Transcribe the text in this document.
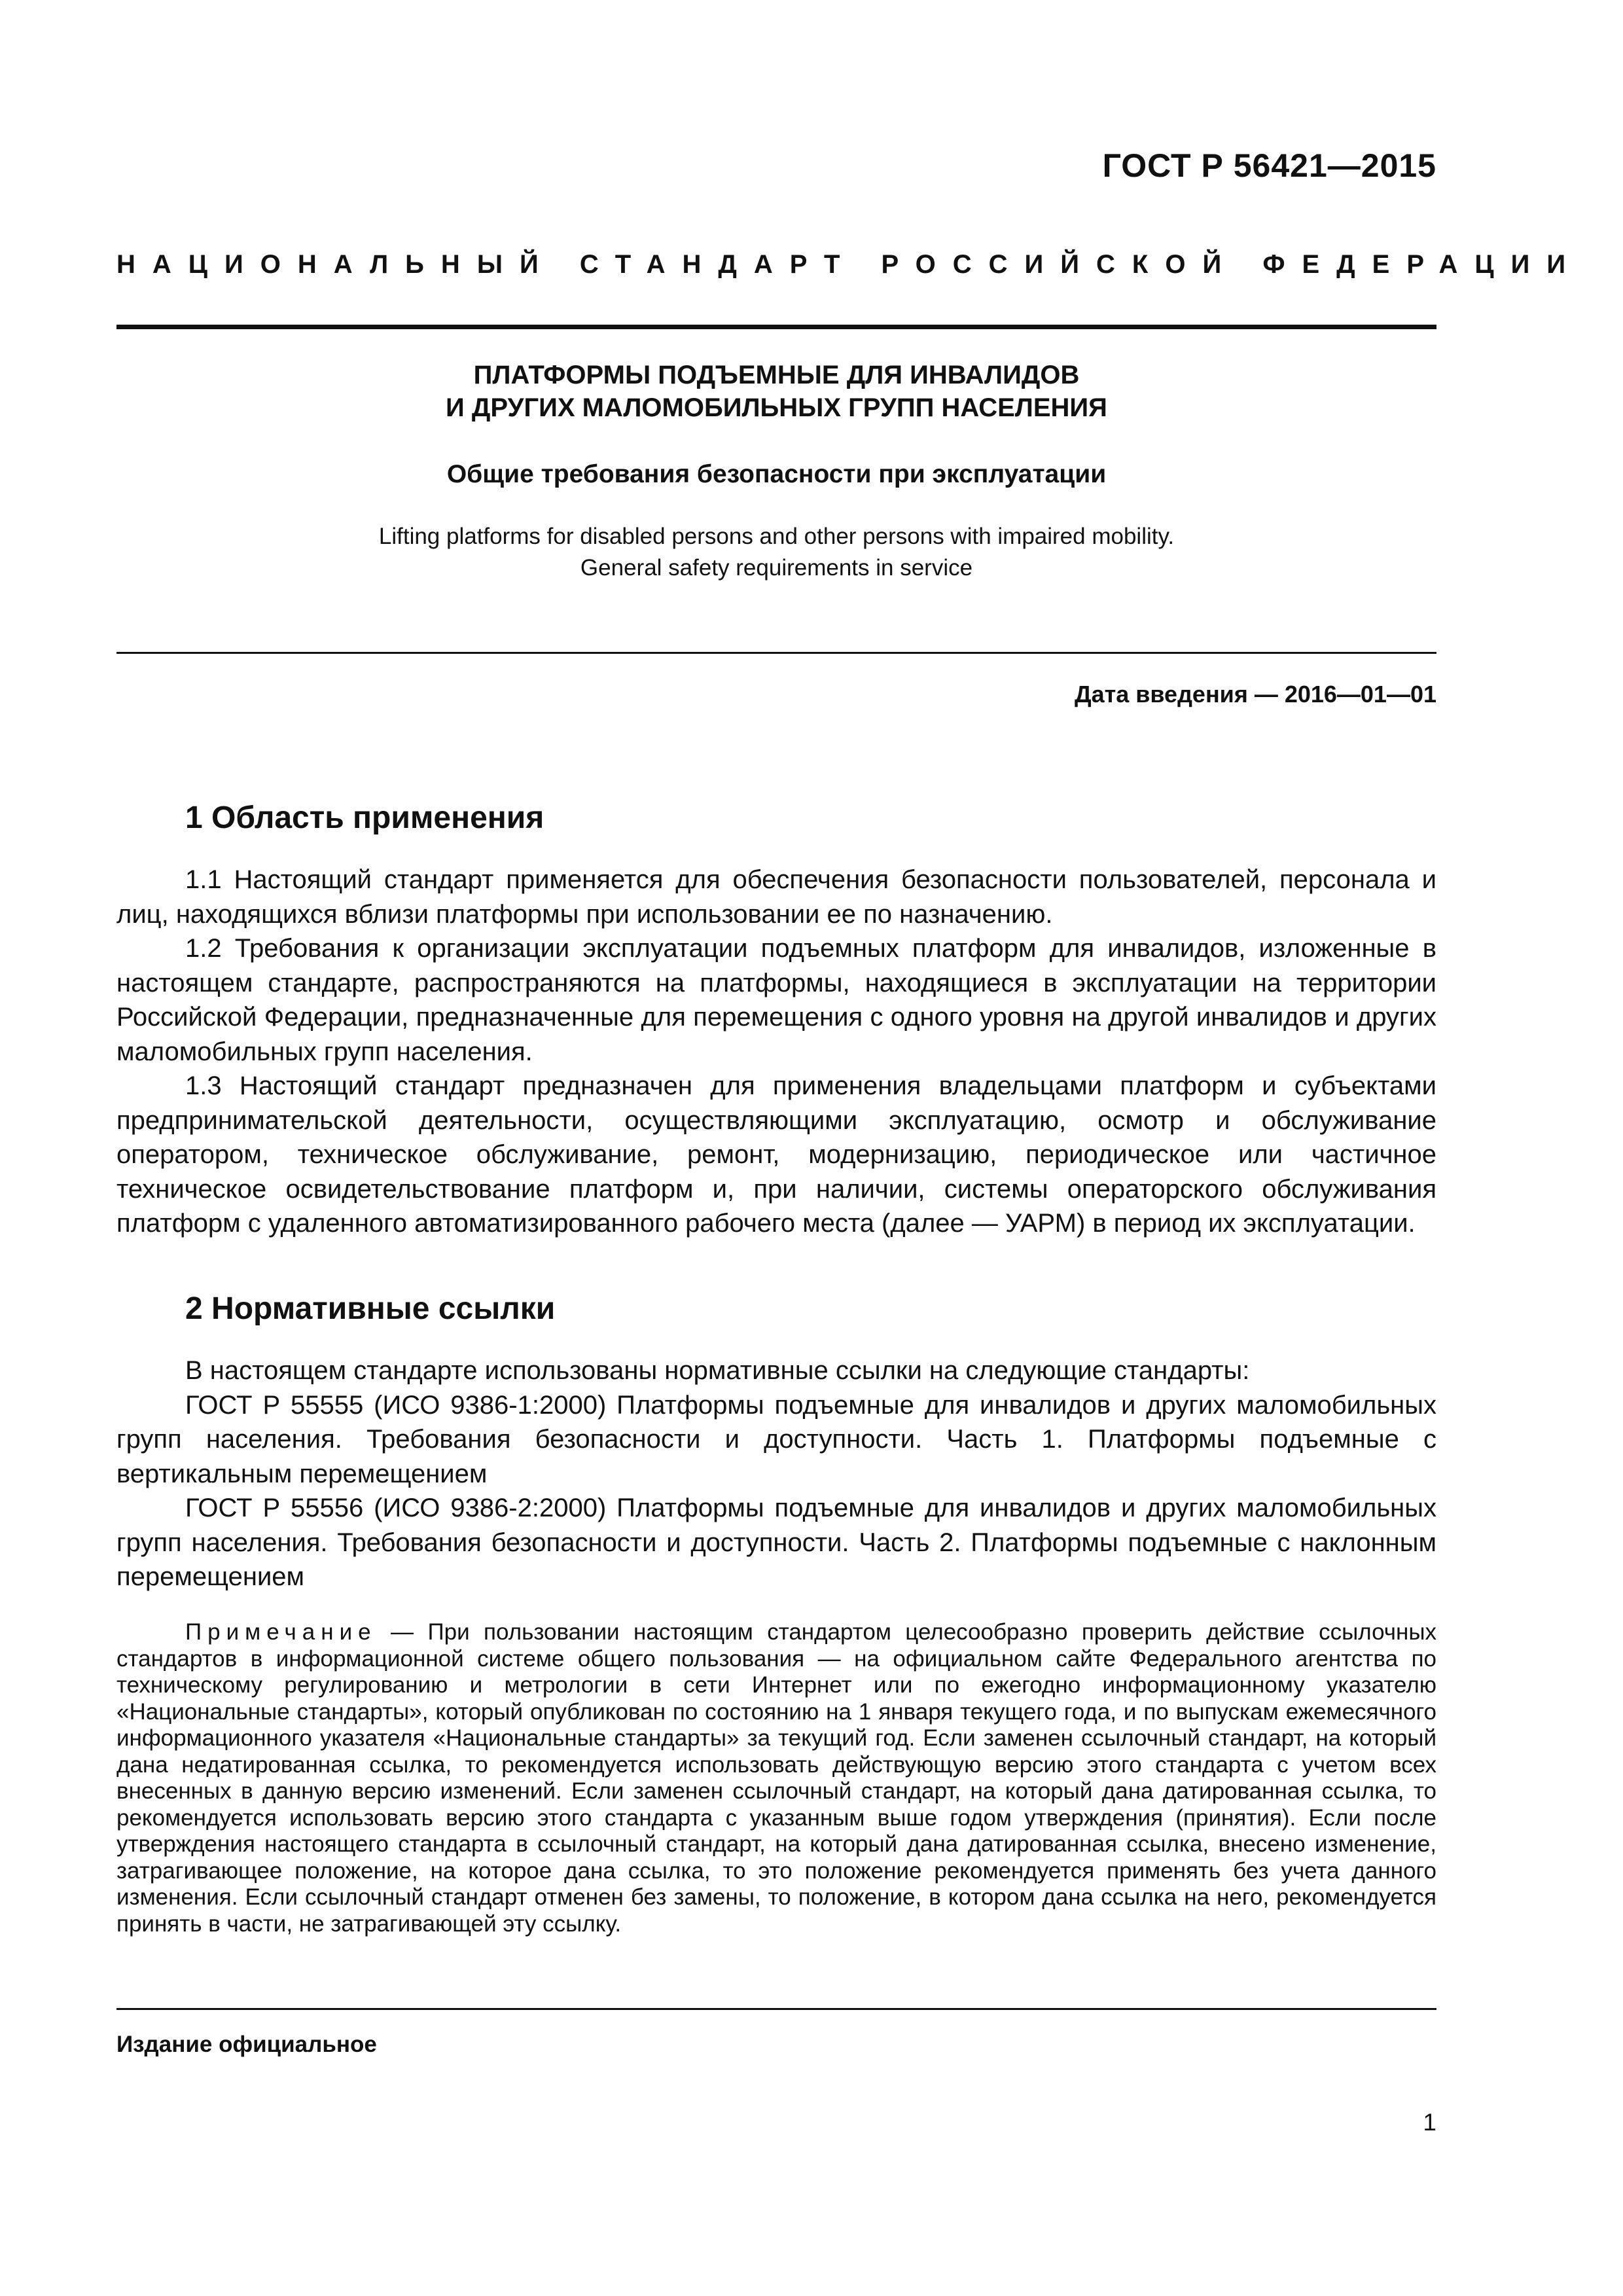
ГОСТ Р 56421—2015
НАЦИОНАЛЬНЫЙ СТАНДАРТ РОССИЙСКОЙ ФЕДЕРАЦИИ
ПЛАТФОРМЫ ПОДЪЕМНЫЕ ДЛЯ ИНВАЛИДОВ
И ДРУГИХ МАЛОМОБИЛЬНЫХ ГРУПП НАСЕЛЕНИЯ
Общие требования безопасности при эксплуатации
Lifting platforms for disabled persons and other persons with impaired mobility.
General safety requirements in service
Дата введения — 2016—01—01
1 Область применения

1.1 Настоящий стандарт применяется для обеспечения безопасности пользователей, персонала и лиц, находящихся вблизи платформы при использовании ее по назначению.

1.2 Требования к организации эксплуатации подъемных платформ для инвалидов, изложенные в настоящем стандарте, распространяются на платформы, находящиеся в эксплуатации на территории Российской Федерации, предназначенные для перемещения с одного уровня на другой инвалидов и других маломобильных групп населения.

1.3 Настоящий стандарт предназначен для применения владельцами платформ и субъектами предпринимательской деятельности, осуществляющими эксплуатацию, осмотр и обслуживание оператором, техническое обслуживание, ремонт, модернизацию, периодическое или частичное техническое освидетельствование платформ и, при наличии, системы операторского обслуживания платформ с удаленного автоматизированного рабочего места (далее — УАРМ) в период их эксплуатации.

2 Нормативные ссылки

В настоящем стандарте использованы нормативные ссылки на следующие стандарты:

ГОСТ Р 55555 (ИСО 9386-1:2000) Платформы подъемные для инвалидов и других маломобильных групп населения. Требования безопасности и доступности. Часть 1. Платформы подъемные с вертикальным перемещением

ГОСТ Р 55556 (ИСО 9386-2:2000) Платформы подъемные для инвалидов и других маломобильных групп населения. Требования безопасности и доступности. Часть 2. Платформы подъемные с наклонным перемещением

Примечание — При пользовании настоящим стандартом целесообразно проверить действие ссылочных стандартов в информационной системе общего пользования — на официальном сайте Федерального агентства по техническому регулированию и метрологии в сети Интернет или по ежегодно информационному указателю «Национальные стандарты», который опубликован по состоянию на 1 января текущего года, и по выпускам ежемесячного информационного указателя «Национальные стандарты» за текущий год. Если заменен ссылочный стандарт, на который дана недатированная ссылка, то рекомендуется использовать действующую версию этого стандарта с учетом всех внесенных в данную версию изменений. Если заменен ссылочный стандарт, на который дана датированная ссылка, то рекомендуется использовать версию этого стандарта с указанным выше годом утверждения (принятия). Если после утверждения настоящего стандарта в ссылочный стандарт, на который дана датированная ссылка, внесено изменение, затрагивающее положение, на которое дана ссылка, то это положение рекомендуется применять без учета данного изменения. Если ссылочный стандарт отменен без замены, то положение, в котором дана ссылка на него, рекомендуется принять в части, не затрагивающей эту ссылку.

Издание официальное
1
